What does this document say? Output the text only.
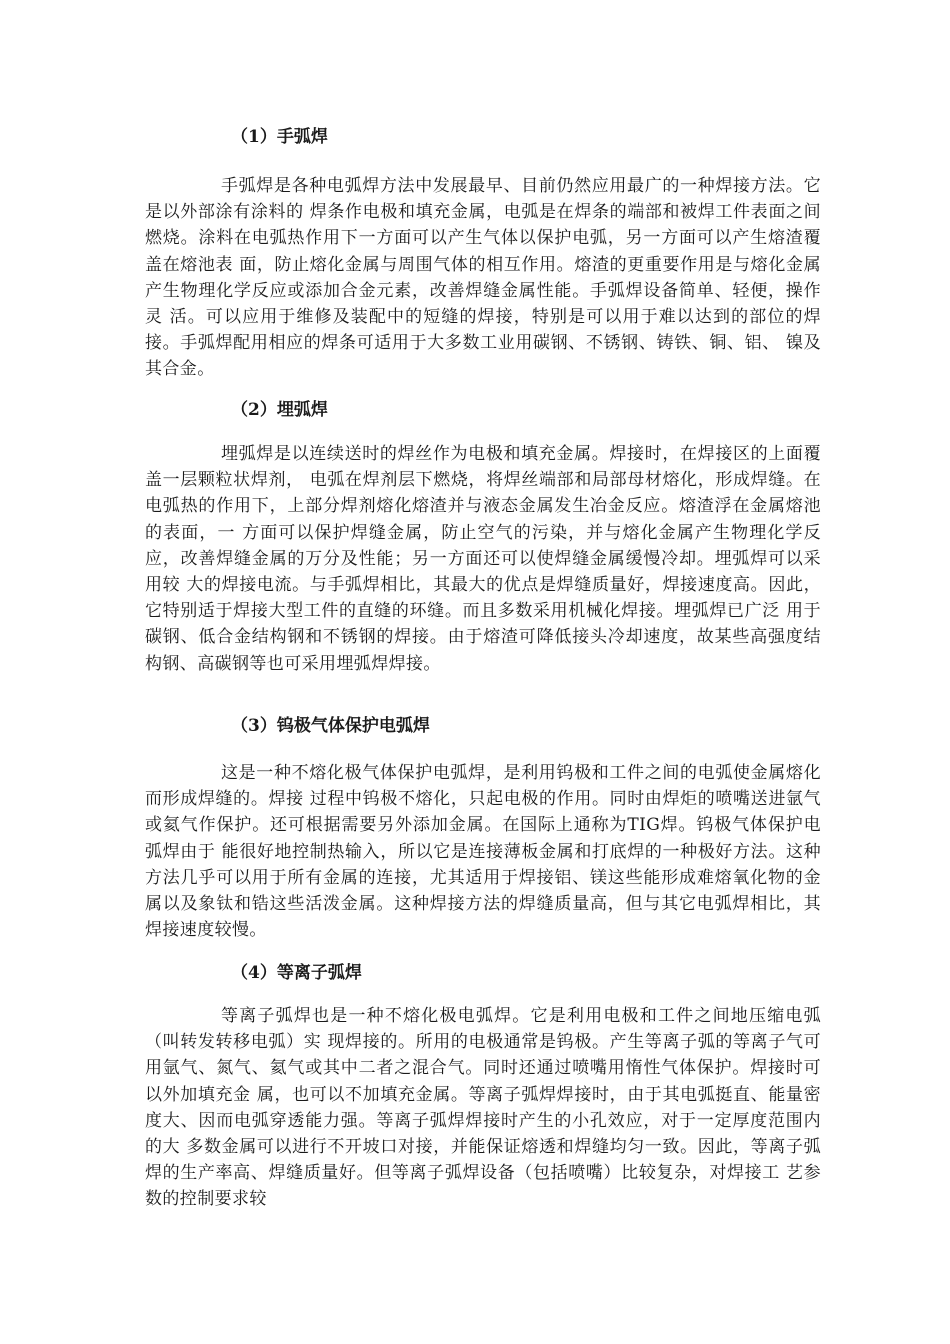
（1）手弧焊

手弧焊是各种电弧焊方法中发展最早、目前仍然应用最广的一种焊接方法。它是以外部涂有涂料的 焊条作电极和填充金属，电弧是在焊条的端部和被焊工件表面之间燃烧。涂料在电弧热作用下一方面可以产生气体以保护电弧，另一方面可以产生熔渣覆盖在熔池表 面，防止熔化金属与周围气体的相互作用。熔渣的更重要作用是与熔化金属产生物理化学反应或添加合金元素，改善焊缝金属性能。手弧焊设备简单、轻便，操作灵 活。可以应用于维修及装配中的短缝的焊接，特别是可以用于难以达到的部位的焊接。手弧焊配用相应的焊条可适用于大多数工业用碳钢、不锈钢、铸铁、铜、铝、 镍及其合金。

（2）埋弧焊

埋弧焊是以连续送时的焊丝作为电极和填充金属。焊接时，在焊接区的上面覆盖一层颗粒状焊剂， 电弧在焊剂层下燃烧，将焊丝端部和局部母材熔化，形成焊缝。在电弧热的作用下，上部分焊剂熔化熔渣并与液态金属发生冶金反应。熔渣浮在金属熔池的表面，一 方面可以保护焊缝金属，防止空气的污染，并与熔化金属产生物理化学反应，改善焊缝金属的万分及性能；另一方面还可以使焊缝金属缓慢冷却。埋弧焊可以采用较 大的焊接电流。与手弧焊相比，其最大的优点是焊缝质量好，焊接速度高。因此，它特别适于焊接大型工件的直缝的环缝。而且多数采用机械化焊接。埋弧焊已广泛 用于碳钢、低合金结构钢和不锈钢的焊接。由于熔渣可降低接头冷却速度，故某些高强度结构钢、高碳钢等也可采用埋弧焊焊接。

（3）钨极气体保护电弧焊

这是一种不熔化极气体保护电弧焊，是利用钨极和工件之间的电弧使金属熔化而形成焊缝的。焊接 过程中钨极不熔化，只起电极的作用。同时由焊炬的喷嘴送进氩气或氦气作保护。还可根据需要另外添加金属。在国际上通称为TIG焊。钨极气体保护电弧焊由于 能很好地控制热输入，所以它是连接薄板金属和打底焊的一种极好方法。这种方法几乎可以用于所有金属的连接，尤其适用于焊接铝、镁这些能形成难熔氧化物的金 属以及象钛和锆这些活泼金属。这种焊接方法的焊缝质量高，但与其它电弧焊相比，其焊接速度较慢。

（4）等离子弧焊

等离子弧焊也是一种不熔化极电弧焊。它是利用电极和工件之间地压缩电弧（叫转发转移电弧）实 现焊接的。所用的电极通常是钨极。产生等离子弧的等离子气可用氩气、氮气、氦气或其中二者之混合气。同时还通过喷嘴用惰性气体保护。焊接时可以外加填充金 属，也可以不加填充金属。等离子弧焊焊接时，由于其电弧挺直、能量密度大、因而电弧穿透能力强。等离子弧焊焊接时产生的小孔效应，对于一定厚度范围内的大 多数金属可以进行不开坡口对接，并能保证熔透和焊缝均匀一致。因此，等离子弧焊的生产率高、焊缝质量好。但等离子弧焊设备（包括喷嘴）比较复杂，对焊接工 艺参数的控制要求较
